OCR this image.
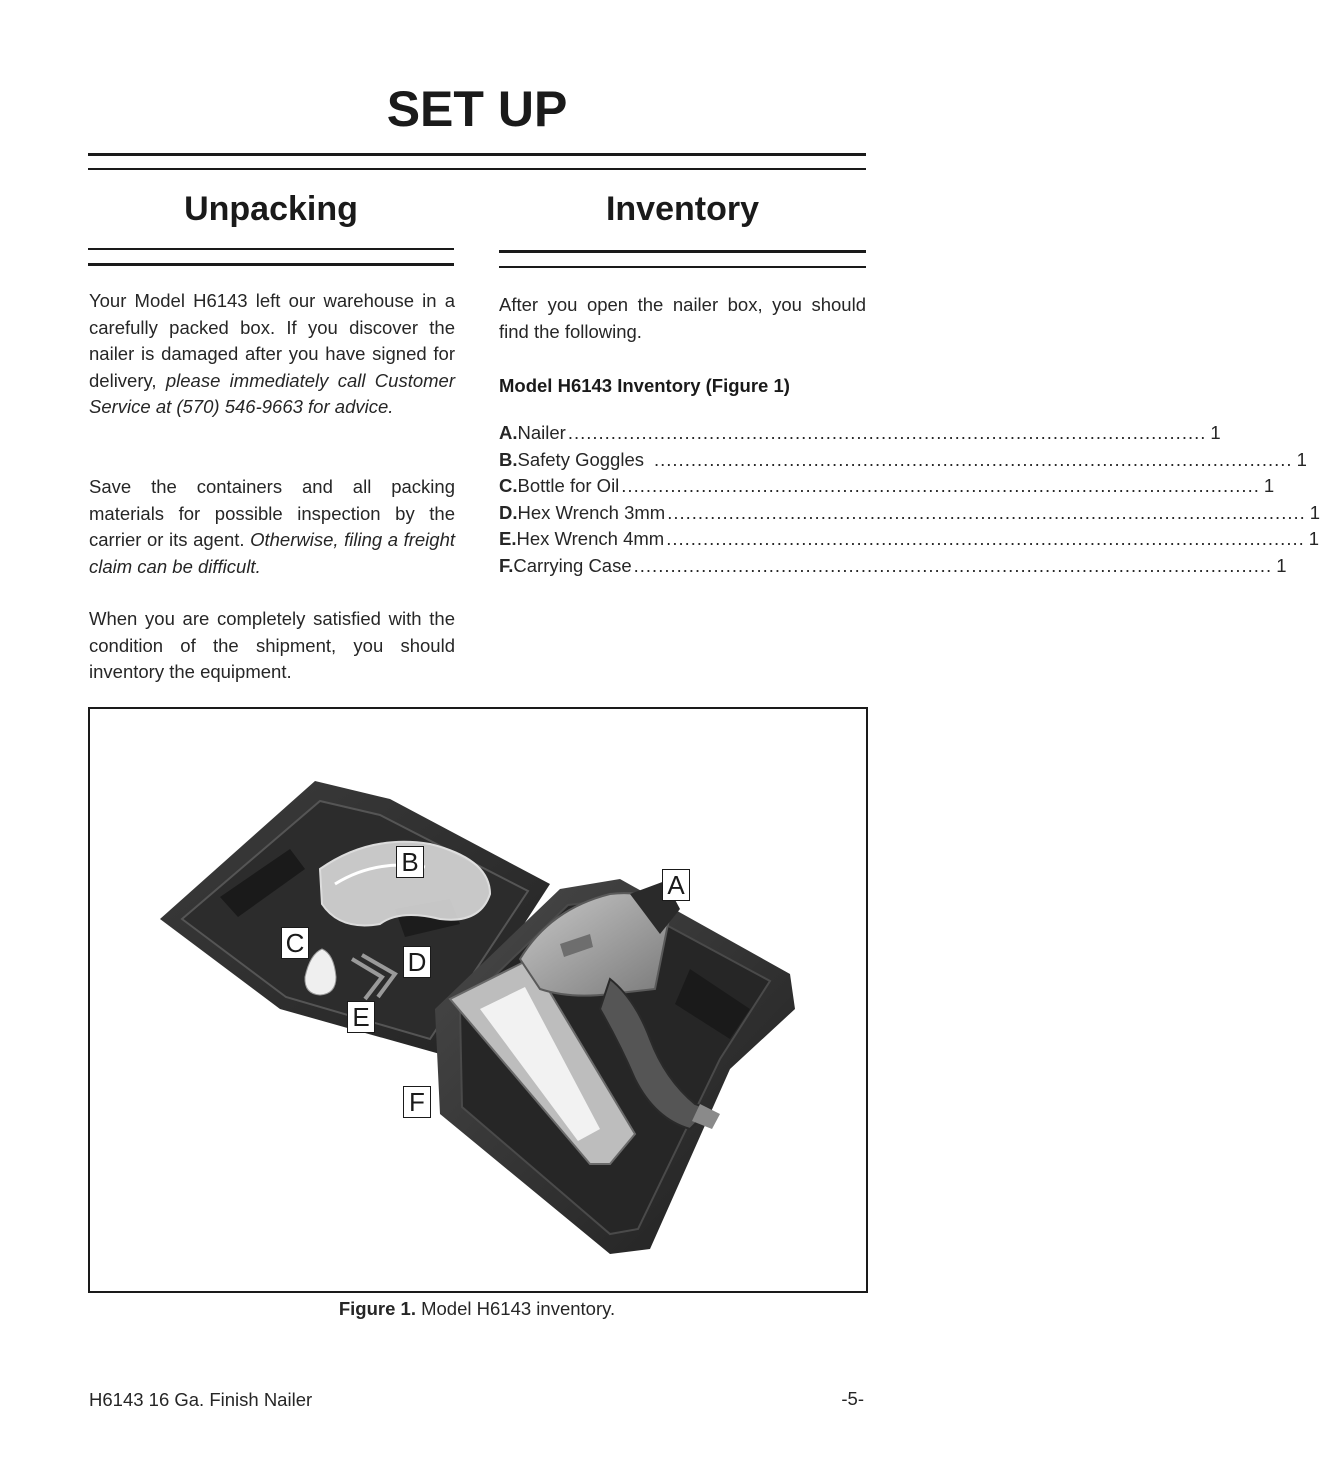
SET UP
Unpacking
Your Model H6143 left our warehouse in a carefully packed box. If you discover the nailer is damaged after you have signed for delivery, please immediately call Customer Service at (570) 546-9663 for advice.
Save the containers and all packing materials for possible inspection by the carrier or its agent. Otherwise, filing a freight claim can be difficult.
When you are completely satisfied with the condition of the shipment, you should inventory the equipment.
Inventory
After you open the nailer box, you should find the following.
Model H6143 Inventory (Figure 1)
A. Nailer ........................................................................................................ 1
B. Safety Goggles ........................................................................................................ 1
C. Bottle for Oil ........................................................................................................ 1
D. Hex Wrench 3mm ........................................................................................................ 1
E. Hex Wrench 4mm ........................................................................................................ 1
F. Carrying Case ........................................................................................................ 1
A
B
C
D
E
F
Figure 1. Model H6143 inventory.
H6143 16 Ga. Finish Nailer	-5-
